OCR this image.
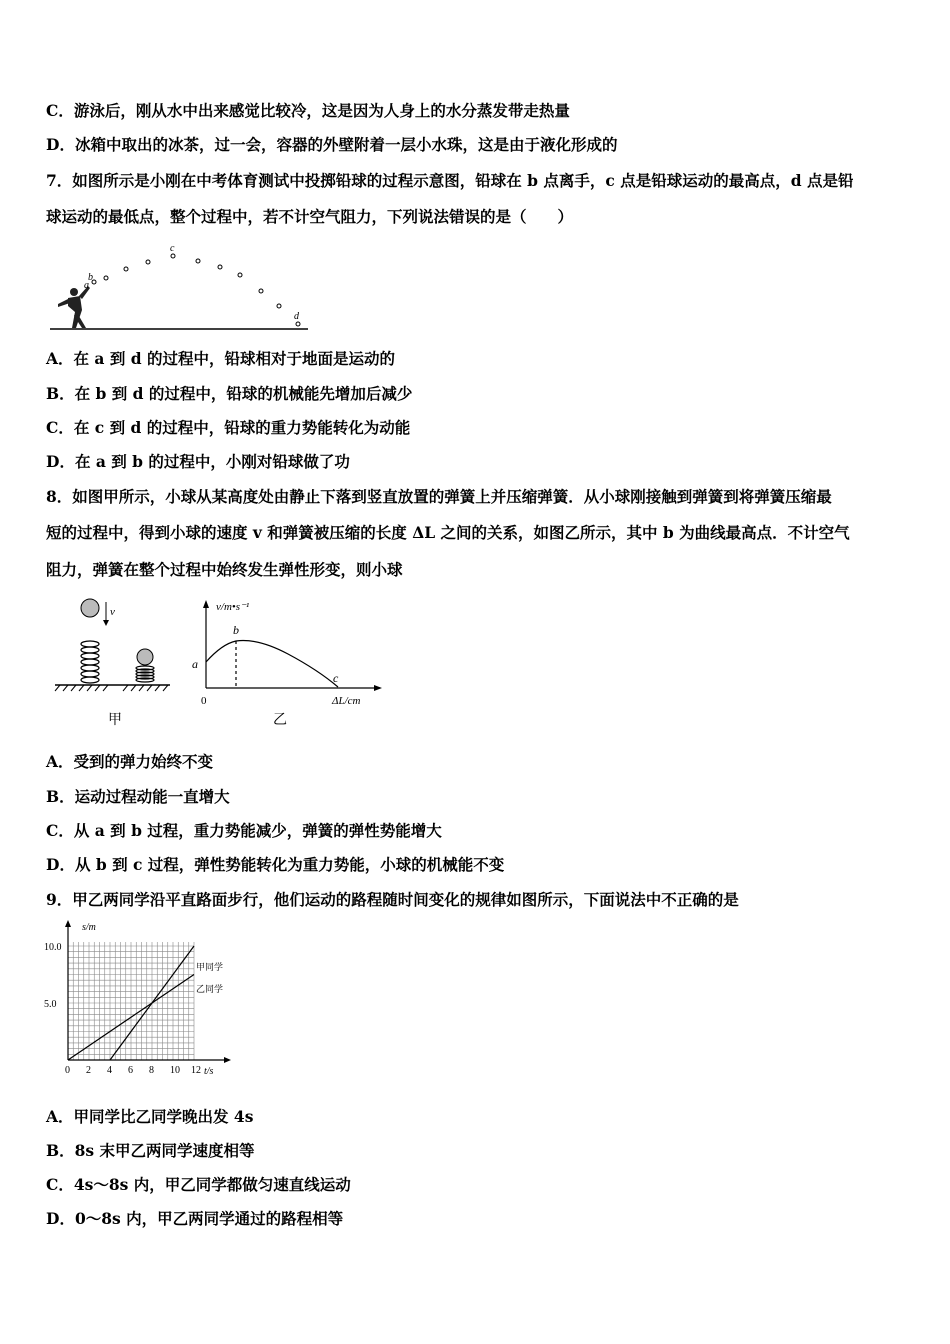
C．游泳后，刚从水中出来感觉比较冷，这是因为人身上的水分蒸发带走热量
D．冰箱中取出的冰茶，过一会，容器的外壁附着一层小水珠，这是由于液化形成的
7．如图所示是小刚在中考体育测试中投掷铅球的过程示意图，铅球在 b 点离手，c 点是铅球运动的最高点，d 点是铅
球运动的最低点，整个过程中，若不计空气阻力，下列说法错误的是（　　）
a
b
c
d
A．在 a 到 d 的过程中，铅球相对于地面是运动的
B．在 b 到 d 的过程中，铅球的机械能先增加后减少
C．在 c 到 d 的过程中，铅球的重力势能转化为动能
D．在 a 到 b 的过程中，小刚对铅球做了功
8．如图甲所示，小球从某高度处由静止下落到竖直放置的弹簧上并压缩弹簧．从小球刚接触到弹簧到将弹簧压缩最
短的过程中，得到小球的速度 v 和弹簧被压缩的长度 ΔL 之间的关系，如图乙所示，其中 b 为曲线最高点．不计空气
阻力，弹簧在整个过程中始终发生弹性形变，则小球
v
甲
v/m•s⁻¹
0	ΔL/cm
a
b
c
乙
A．受到的弹力始终不变
B．运动过程动能一直增大
C．从 a 到 b 过程，重力势能减少，弹簧的弹性势能增大
D．从 b 到 c 过程，弹性势能转化为重力势能，小球的机械能不变
9．甲乙两同学沿平直路面步行，他们运动的路程随时间变化的规律如图所示，下面说法中不正确的是
甲同学
乙同学
0 2 4 6 8 10 12
5.0
10.0
s/m
t/s
A．甲同学比乙同学晚出发 4s
B．8s 末甲乙两同学速度相等
C．4s～8s 内，甲乙同学都做匀速直线运动
D．0～8s 内，甲乙两同学通过的路程相等
